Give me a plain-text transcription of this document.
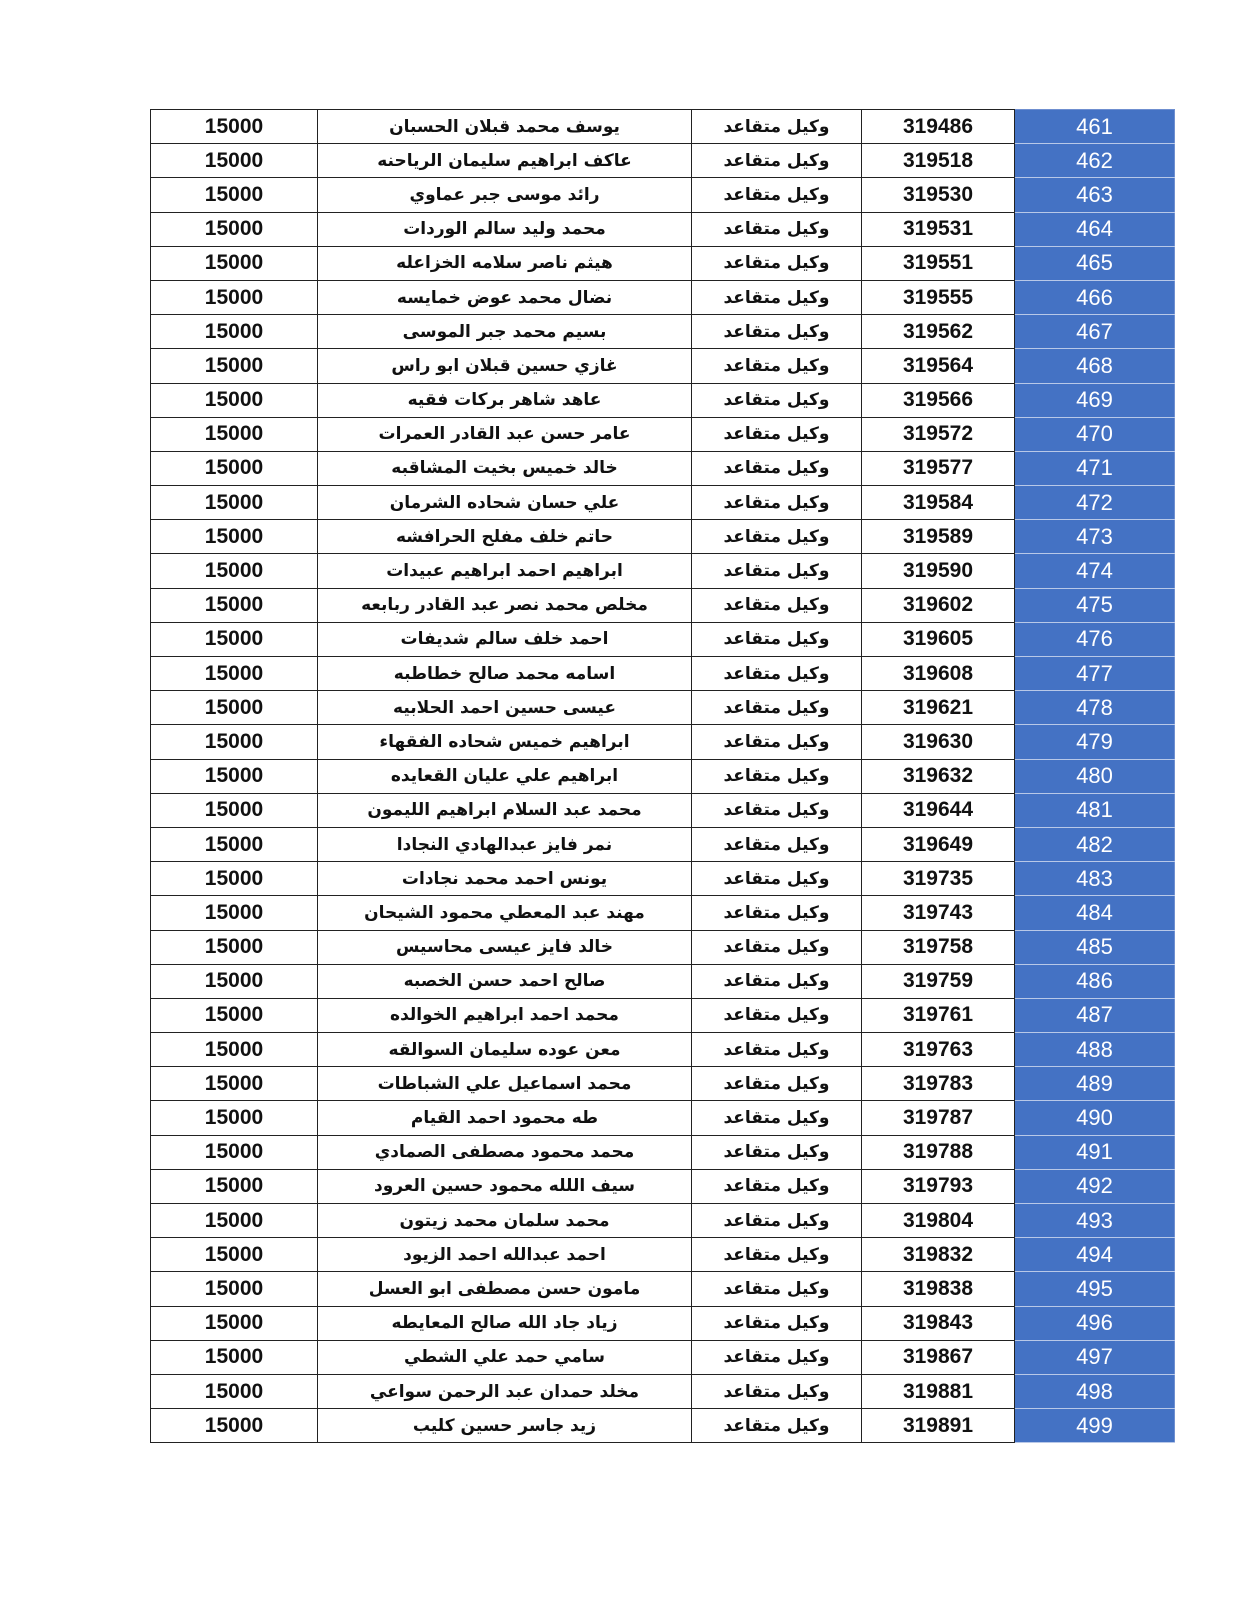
15000	يوسف محمد قبلان الحسبان	وكيل متقاعد	319486	461
15000	عاكف ابراهيم سليمان الرياحنه	وكيل متقاعد	319518	462
15000	رائد موسى جبر عماوي	وكيل متقاعد	319530	463
15000	محمد وليد سالم الوردات	وكيل متقاعد	319531	464
15000	هيثم ناصر سلامه الخزاعله	وكيل متقاعد	319551	465
15000	نضال محمد عوض خمايسه	وكيل متقاعد	319555	466
15000	بسيم محمد جبر الموسى	وكيل متقاعد	319562	467
15000	غازي حسين قبلان ابو راس	وكيل متقاعد	319564	468
15000	عاهد شاهر بركات فقيه	وكيل متقاعد	319566	469
15000	عامر حسن عبد القادر العمرات	وكيل متقاعد	319572	470
15000	خالد خميس بخيت المشاقبه	وكيل متقاعد	319577	471
15000	علي حسان شحاده الشرمان	وكيل متقاعد	319584	472
15000	حاتم خلف مفلح الحرافشه	وكيل متقاعد	319589	473
15000	ابراهيم احمد ابراهيم عبيدات	وكيل متقاعد	319590	474
15000	مخلص محمد نصر عبد القادر ربابعه	وكيل متقاعد	319602	475
15000	احمد خلف سالم شديفات	وكيل متقاعد	319605	476
15000	اسامه محمد صالح خطاطبه	وكيل متقاعد	319608	477
15000	عيسى حسين احمد الحلابيه	وكيل متقاعد	319621	478
15000	ابراهيم خميس شحاده الفقهاء	وكيل متقاعد	319630	479
15000	ابراهيم علي عليان القعايده	وكيل متقاعد	319632	480
15000	محمد عبد السلام ابراهيم الليمون	وكيل متقاعد	319644	481
15000	نمر فايز عبدالهادي النجادا	وكيل متقاعد	319649	482
15000	يونس احمد محمد نجادات	وكيل متقاعد	319735	483
15000	مهند عبد المعطي محمود الشيحان	وكيل متقاعد	319743	484
15000	خالد فايز عيسى محاسيس	وكيل متقاعد	319758	485
15000	صالح احمد حسن الخصبه	وكيل متقاعد	319759	486
15000	محمد احمد ابراهيم الخوالده	وكيل متقاعد	319761	487
15000	معن عوده سليمان السوالقه	وكيل متقاعد	319763	488
15000	محمد اسماعيل علي الشباطات	وكيل متقاعد	319783	489
15000	طه محمود احمد القيام	وكيل متقاعد	319787	490
15000	محمد محمود مصطفى الصمادي	وكيل متقاعد	319788	491
15000	سيف اللله محمود حسين العرود	وكيل متقاعد	319793	492
15000	محمد سلمان محمد زيتون	وكيل متقاعد	319804	493
15000	احمد عبدالله احمد الزيود	وكيل متقاعد	319832	494
15000	مامون حسن مصطفى ابو العسل	وكيل متقاعد	319838	495
15000	زياد جاد الله صالح المعايطه	وكيل متقاعد	319843	496
15000	سامي حمد علي الشطي	وكيل متقاعد	319867	497
15000	مخلد حمدان عبد الرحمن سواعي	وكيل متقاعد	319881	498
15000	زيد جاسر حسين كليب	وكيل متقاعد	319891	499
